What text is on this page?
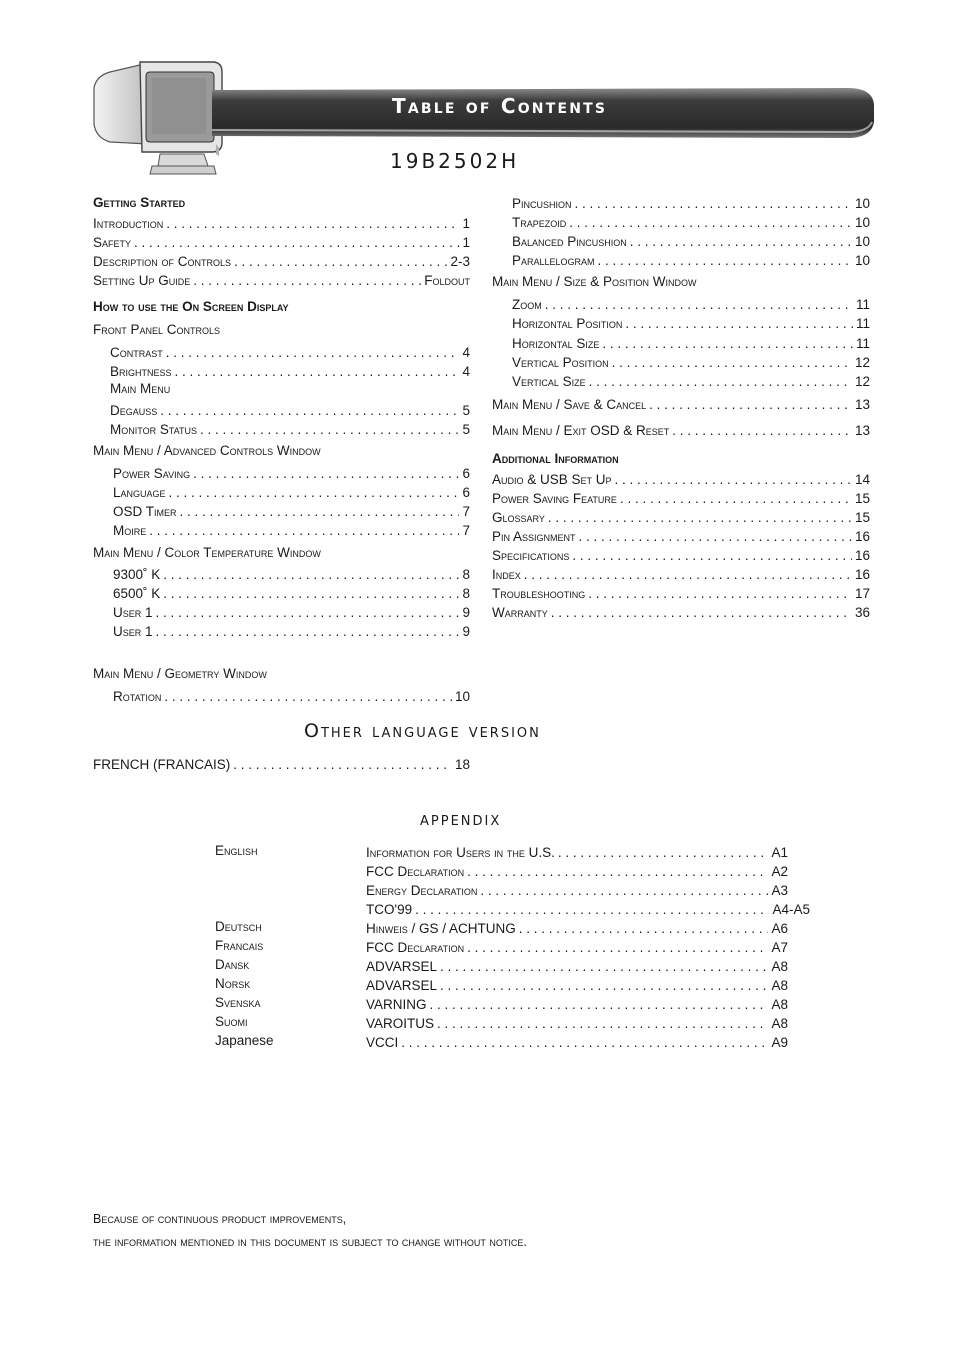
Table of Contents
19B2502H
Getting Started
Introduction . . .	1
Safety . . .	1
Description of Controls . . .	2-3
Setting Up Guide . . .	Foldout
How to use the On Screen Display
Front Panel Controls
Contrast . . .	4
Brightness . . .	4
Main Menu
Degauss . . .	5
Monitor Status . . .	5
Main Menu / Advanced Controls Window
Power Saving . . .	6
Language . . .	6
OSD Timer . . .	7
Moire . . .	7
Main Menu / Color Temperature Window
9300˚ K . . .	8
6500˚ K . . .	8
User 1 . . .	9
User 1 . . .	9
Main Menu / Geometry Window
Rotation . . .	10
Pincushion . . .	10
Trapezoid . . .	10
Balanced Pincushion . . .	10
Parallelogram . . .	10
Main Menu / Size & Position Window
Zoom . . .	11
Horizontal Position . . .	11
Horizontal Size . . .	11
Vertical Position . . .	12
Vertical Size . . .	12
Main Menu / Save & Cancel . . .	13
Main Menu / Exit OSD & Reset . . .	13
Additional Information
Audio & USB Set Up . . .	14
Power Saving Feature . . .	15
Glossary . . .	15
Pin Assignment . . .	16
Specifications . . .	16
Index . . .	16
Troubleshooting . . .	17
Warranty . . .	36
Other language version
FRENCH (FRANCAIS) . . .	18
appendix
English	Information for Users in the U.S. . . .	A1
FCC Declaration . . .	A2
Energy Declaration . . .	A3
TCO'99 . . .	A4-A5
Deutsch	Hinweis / GS / ACHTUNG . . .	A6
Francais	FCC Declaration . . .	A7
Dansk	ADVARSEL . . .	A8
Norsk	ADVARSEL . . .	A8
Svenska	VARNING . . .	A8
Suomi	VAROITUS . . .	A8
Japanese	VCCI . . .	A9
Because of continuous product improvements,
the information mentioned in this document is subject to change without notice.
